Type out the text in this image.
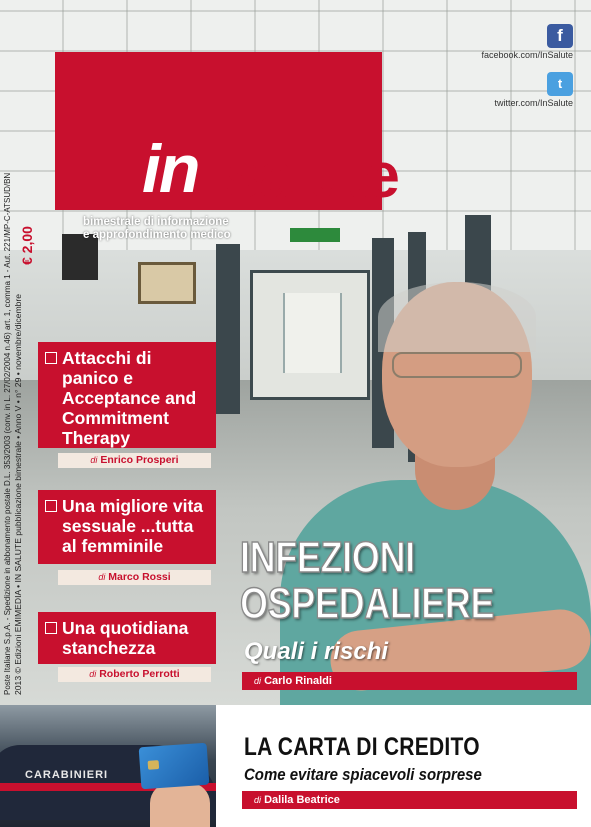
in salute
bimestrale di informazione
e approfondimento medico
f
facebook.com/InSalute
t
twitter.com/InSalute
Poste Italiane S.p.A. - Spedizione in abbonamento postale D.L. 353/2003 (conv. in L. 27/02/2004 n.46) art. 1, comma 1 - Aut. 221/MP-C-ATSUD/BN 2013 © Edizioni EMIMEDIA • IN SALUTE pubblicazione bimestrale • Anno V • n° 29 • novembre/dicembre
€ 2,00
Attacchi di panico e Acceptance and Commitment Therapy
di Enrico Prosperi
Una migliore vita sessuale ...tutta al femminile
di Marco Rossi
Una quotidiana stanchezza
di Roberto Perrotti
INFEZIONI
OSPEDALIERE
Quali i rischi
di Carlo Rinaldi
CARABINIERI
LA CARTA DI CREDITO
Come evitare spiacevoli sorprese
di Dalila Beatrice
